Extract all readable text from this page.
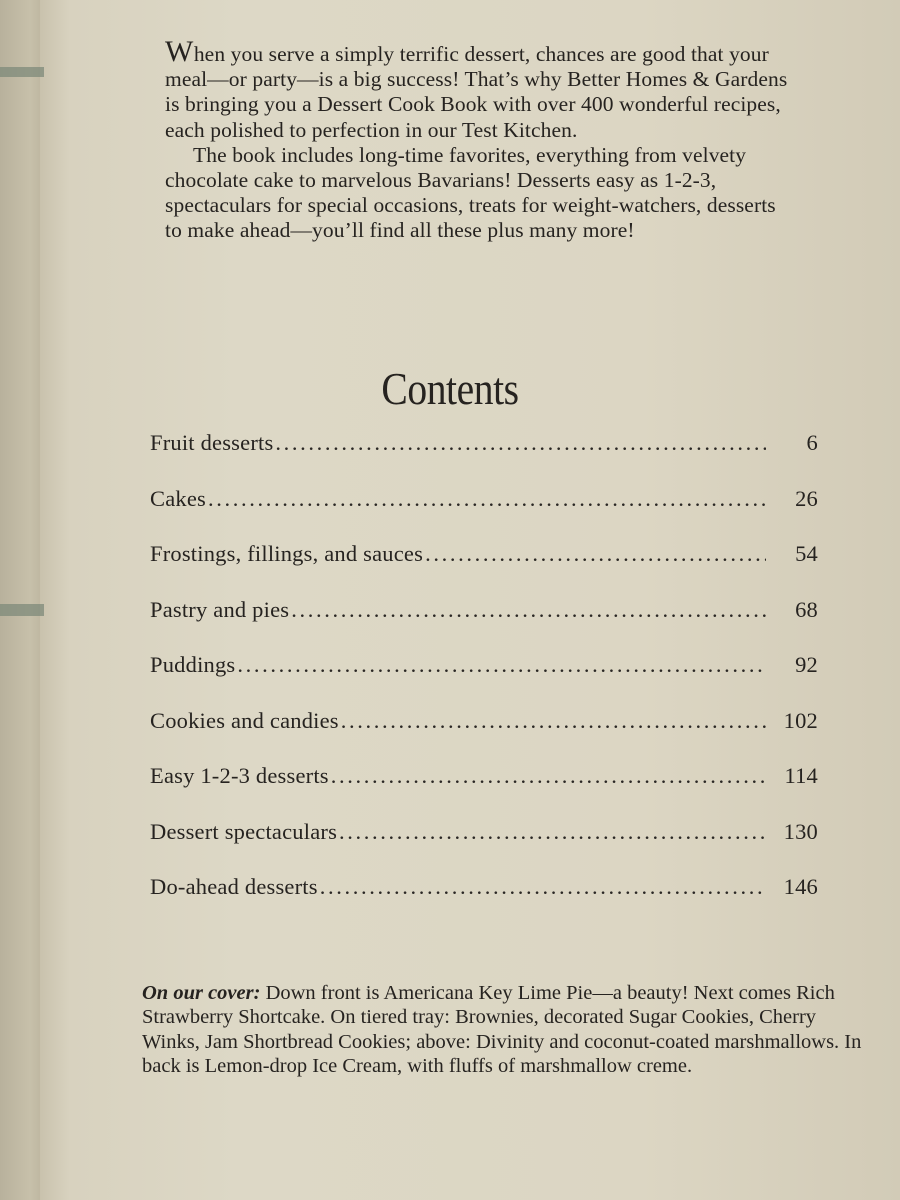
When you serve a simply terrific dessert, chances are good that your meal—or party—is a big success! That’s why Better Homes & Gardens is bringing you a Dessert Cook Book with over 400 wonderful recipes, each polished to perfection in our Test Kitchen.

The book includes long-time favorites, everything from velvety chocolate cake to marvelous Bavarians! Desserts easy as 1-2-3, spectaculars for special occasions, treats for weight-watchers, desserts to make ahead—you’ll find all these plus many more!

Contents
Fruit desserts . . .	6
Cakes . . .	26
Frostings, fillings, and sauces . . .	54
Pastry and pies . . .	68
Puddings . . .	92
Cookies and candies . . .	102
Easy 1-2-3 desserts . . .	114
Dessert spectaculars . . .	130
Do-ahead desserts . . .	146
On our cover: Down front is Americana Key Lime Pie—a beauty! Next comes Rich Strawberry Shortcake. On tiered tray: Brownies, decorated Sugar Cookies, Cherry Winks, Jam Shortbread Cookies; above: Divinity and coconut-coated marshmallows. In back is Lemon-drop Ice Cream, with fluffs of marshmallow creme.
